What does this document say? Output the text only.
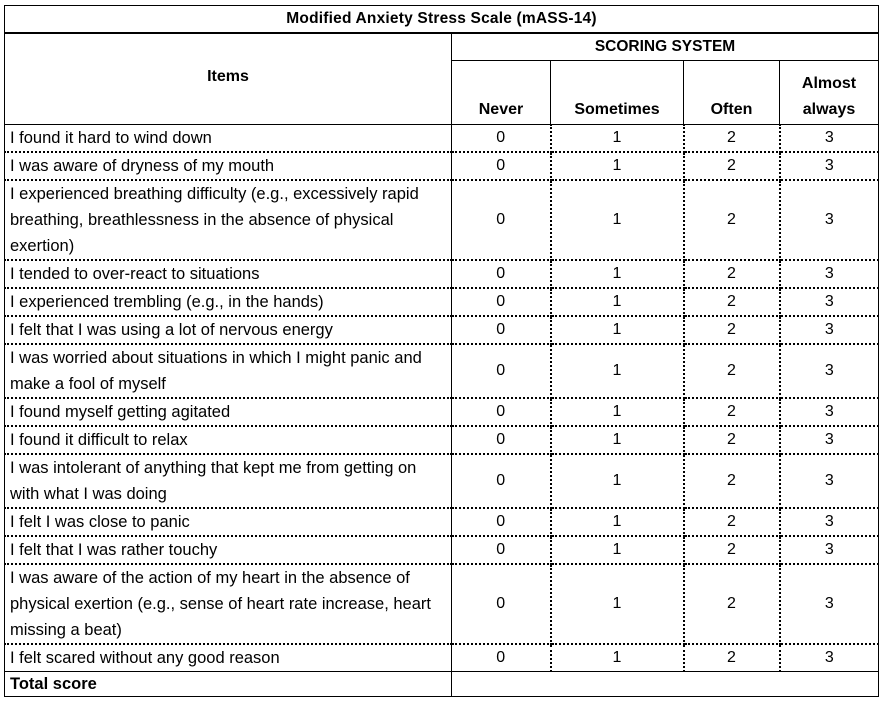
Modified Anxiety Stress Scale (mASS-14)				
Items	SCORING SYSTEM			
	Never	Sometimes	Often	Almost always
I found it hard to wind down	0	1	2	3
I was aware of dryness of my mouth	0	1	2	3
I experienced breathing difficulty (e.g., excessively rapid breathing, breathlessness in the absence of physical exertion)	0	1	2	3
I tended to over-react to situations	0	1	2	3
I experienced trembling (e.g., in the hands)	0	1	2	3
I felt that I was using a lot of nervous energy	0	1	2	3
I was worried about situations in which I might panic and make a fool of myself	0	1	2	3
I found myself getting agitated	0	1	2	3
I found it difficult to relax	0	1	2	3
I was intolerant of anything that kept me from getting on with what I was doing	0	1	2	3
I felt I was close to panic	0	1	2	3
I felt that I was rather touchy	0	1	2	3
I was aware of the action of my heart in the absence of physical exertion (e.g., sense of heart rate increase, heart missing a beat)	0	1	2	3
I felt scared without any good reason	0	1	2	3
Total score				
